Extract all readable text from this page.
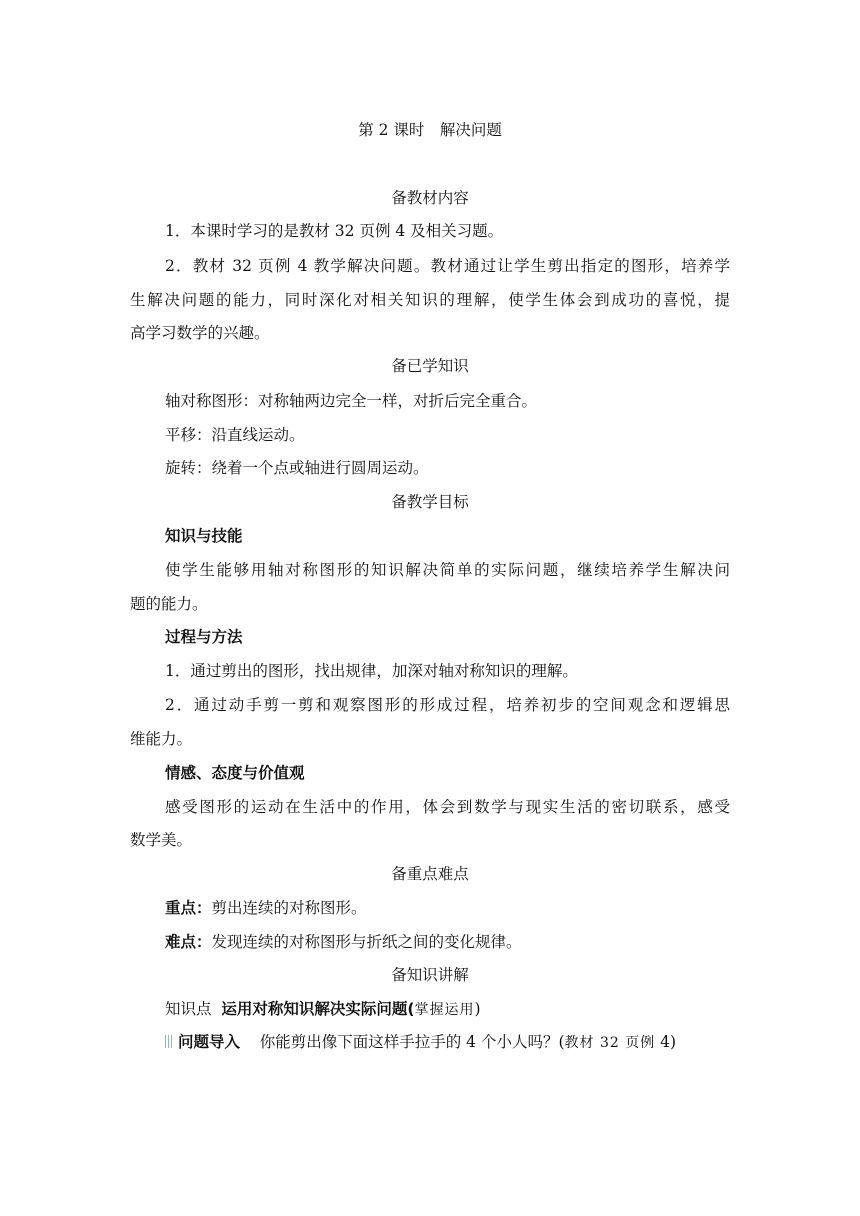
第 2 课时　解决问题
备教材内容
1．本课时学习的是教材 32 页例 4 及相关习题。
2．教材 32 页例 4 教学解决问题。教材通过让学生剪出指定的图形，培养学
生解决问题的能力，同时深化对相关知识的理解，使学生体会到成功的喜悦，提
高学习数学的兴趣。
备已学知识
轴对称图形：对称轴两边完全一样，对折后完全重合。
平移：沿直线运动。
旋转：绕着一个点或轴进行圆周运动。
备教学目标
知识与技能
使学生能够用轴对称图形的知识解决简单的实际问题，继续培养学生解决问
题的能力。
过程与方法
1．通过剪出的图形，找出规律，加深对轴对称知识的理解。
2．通过动手剪一剪和观察图形的形成过程，培养初步的空间观念和逻辑思
维能力。
情感、态度与价值观
感受图形的运动在生活中的作用，体会到数学与现实生活的密切联系，感受
数学美。
备重点难点
重点：剪出连续的对称图形。
难点：发现连续的对称图形与折纸之间的变化规律。
备知识讲解
知识点 运用对称知识解决实际问题(掌握运用)
问题导入 你能剪出像下面这样手拉手的 4 个小人吗？(教材 32 页例 4)
